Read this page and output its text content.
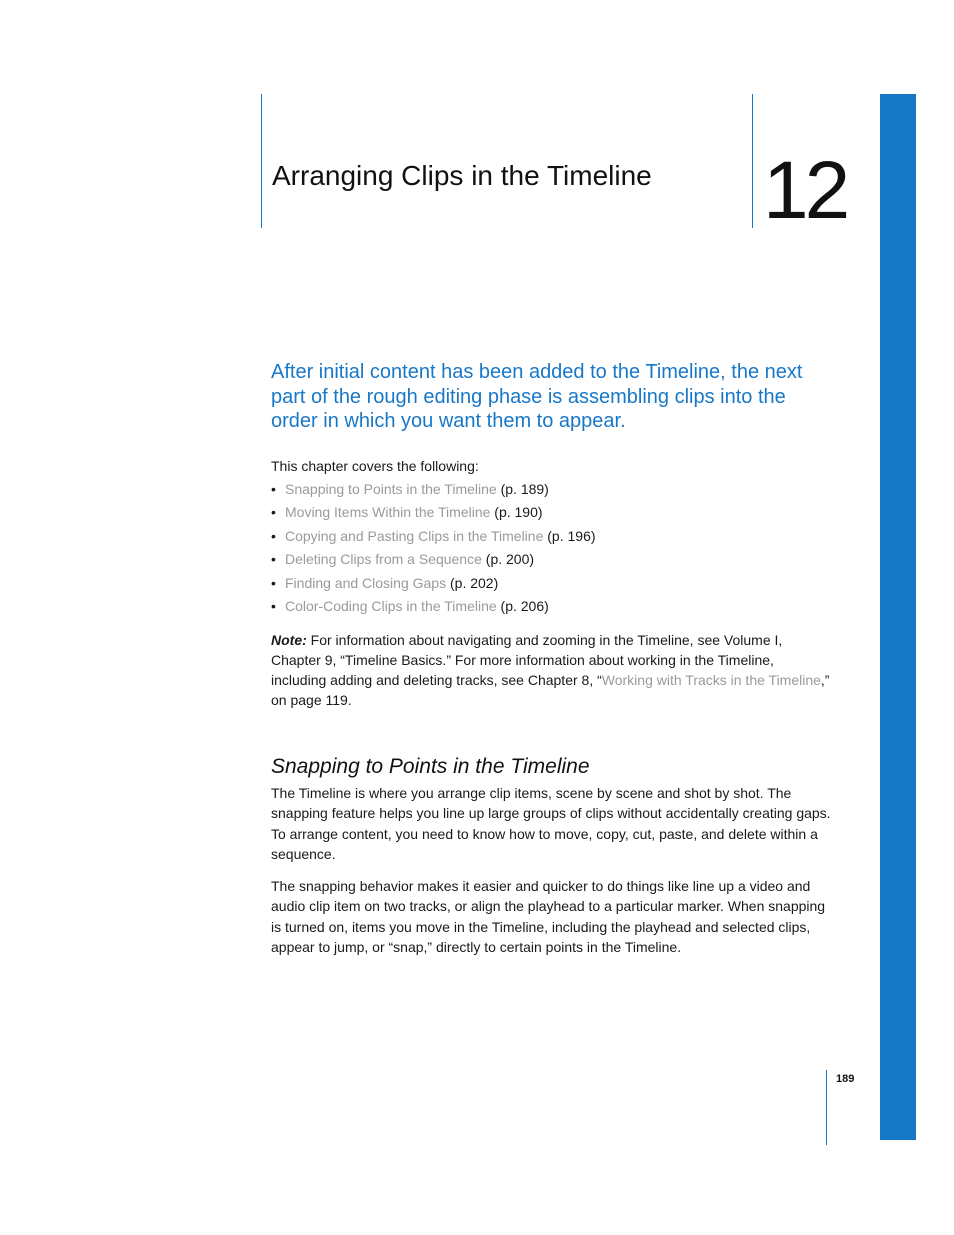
Arranging Clips in the Timeline 12

After initial content has been added to the Timeline, the next part of the rough editing phase is assembling clips into the order in which you want them to appear.

This chapter covers the following:

• Snapping to Points in the Timeline (p. 189)
• Moving Items Within the Timeline (p. 190)
• Copying and Pasting Clips in the Timeline (p. 196)
• Deleting Clips from a Sequence (p. 200)
• Finding and Closing Gaps (p. 202)
• Color-Coding Clips in the Timeline (p. 206)

Note: For information about navigating and zooming in the Timeline, see Volume I, Chapter 9, “Timeline Basics.” For more information about working in the Timeline, including adding and deleting tracks, see Chapter 8, “Working with Tracks in the Timeline,” on page 119.

Snapping to Points in the Timeline

The Timeline is where you arrange clip items, scene by scene and shot by shot. The snapping feature helps you line up large groups of clips without accidentally creating gaps. To arrange content, you need to know how to move, copy, cut, paste, and delete within a sequence.

The snapping behavior makes it easier and quicker to do things like line up a video and audio clip item on two tracks, or align the playhead to a particular marker. When snapping is turned on, items you move in the Timeline, including the playhead and selected clips, appear to jump, or “snap,” directly to certain points in the Timeline.

189
